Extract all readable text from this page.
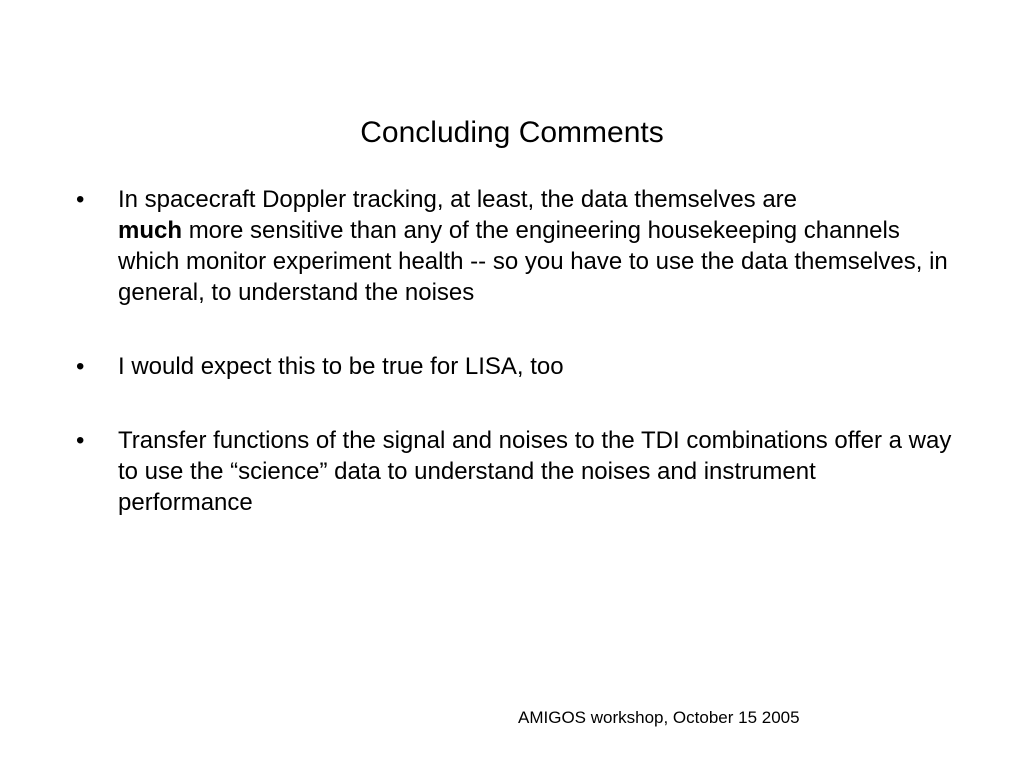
Concluding Comments
•	In spacecraft Doppler tracking, at least, the data themselves are
much more sensitive than any of the engineering housekeeping channels which monitor experiment health -- so you have to use the data themselves, in general, to understand the noises
•	I would expect this to be true for LISA, too
•	Transfer functions of the signal and noises to the TDI combinations offer a way to use the “science” data to understand the noises and instrument performance
AMIGOS workshop, October 15 2005
